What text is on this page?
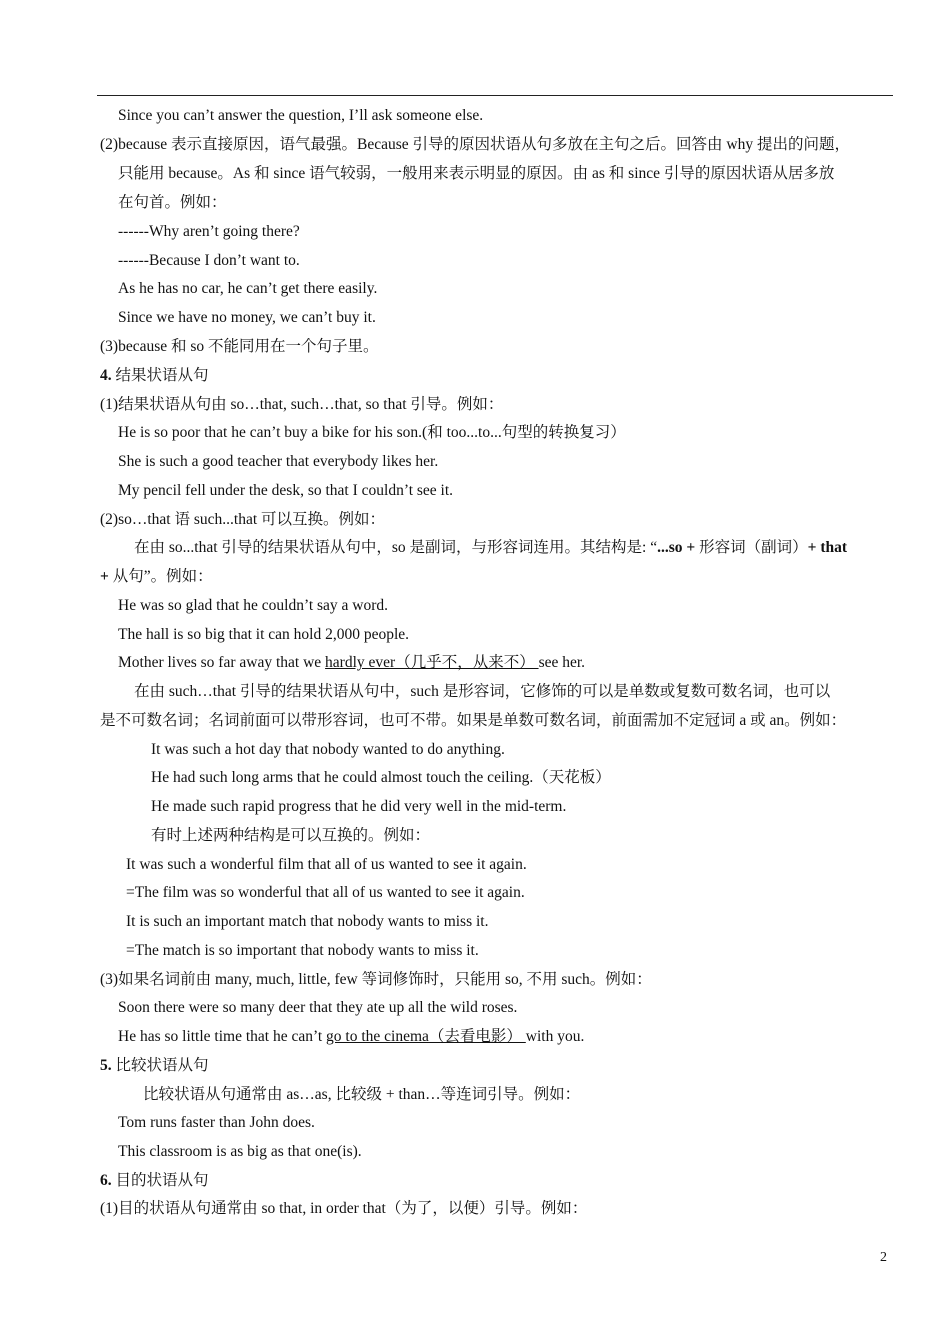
Since you can’t answer the question, I’ll ask someone else.
(2)because 表示直接原因，语气最强。Because 引导的原因状语从句多放在主句之后。回答由 why 提出的问题，
只能用 because。As 和 since 语气较弱，一般用来表示明显的原因。由 as 和 since 引导的原因状语从居多放
在句首。例如：
------Why aren’t going there?
------Because I don’t want to.
As he has no car, he can’t get there easily.
Since we have no money, we can’t buy it.
(3)because 和 so 不能同用在一个句子里。
4. 结果状语从句
(1)结果状语从句由 so…that, such…that, so that 引导。例如：
He is so poor that he can’t buy a bike for his son.(和 too...to...句型的转换复习）
She is such a good teacher that everybody likes her.
My pencil fell under the desk, so that I couldn’t see it.
(2)so…that 语 such...that 可以互换。例如：
在由 so...that 引导的结果状语从句中，so 是副词，与形容词连用。其结构是: “...so + 形容词（副词）+ that
+ 从句”。例如：
He was so glad that he couldn’t say a word.
The hall is so big that it can hold 2,000 people.
Mother lives so far away that we hardly ever（几乎不，从来不） see her.
在由 such…that 引导的结果状语从句中，such 是形容词，它修饰的可以是单数或复数可数名词，也可以
是不可数名词；名词前面可以带形容词，也可不带。如果是单数可数名词，前面需加不定冠词 a 或 an。例如：
It was such a hot day that nobody wanted to do anything.
He had such long arms that he could almost touch the ceiling.（天花板）
He made such rapid progress that he did very well in the mid-term.
有时上述两种结构是可以互换的。例如：
It was such a wonderful film that all of us wanted to see it again.
=The film was so wonderful that all of us wanted to see it again.
It is such an important match that nobody wants to miss it.
=The match is so important that nobody wants to miss it.
(3)如果名词前由 many, much, little, few 等词修饰时，只能用 so, 不用 such。例如：
Soon there were so many deer that they ate up all the wild roses.
He has so little time that he can’t go to the cinema（去看电影） with you.
5. 比较状语从句
比较状语从句通常由 as…as, 比较级 + than…等连词引导。例如：
Tom runs faster than John does.
This classroom is as big as that one(is).
6. 目的状语从句
(1)目的状语从句通常由 so that, in order that（为了，以便）引导。例如：
2
